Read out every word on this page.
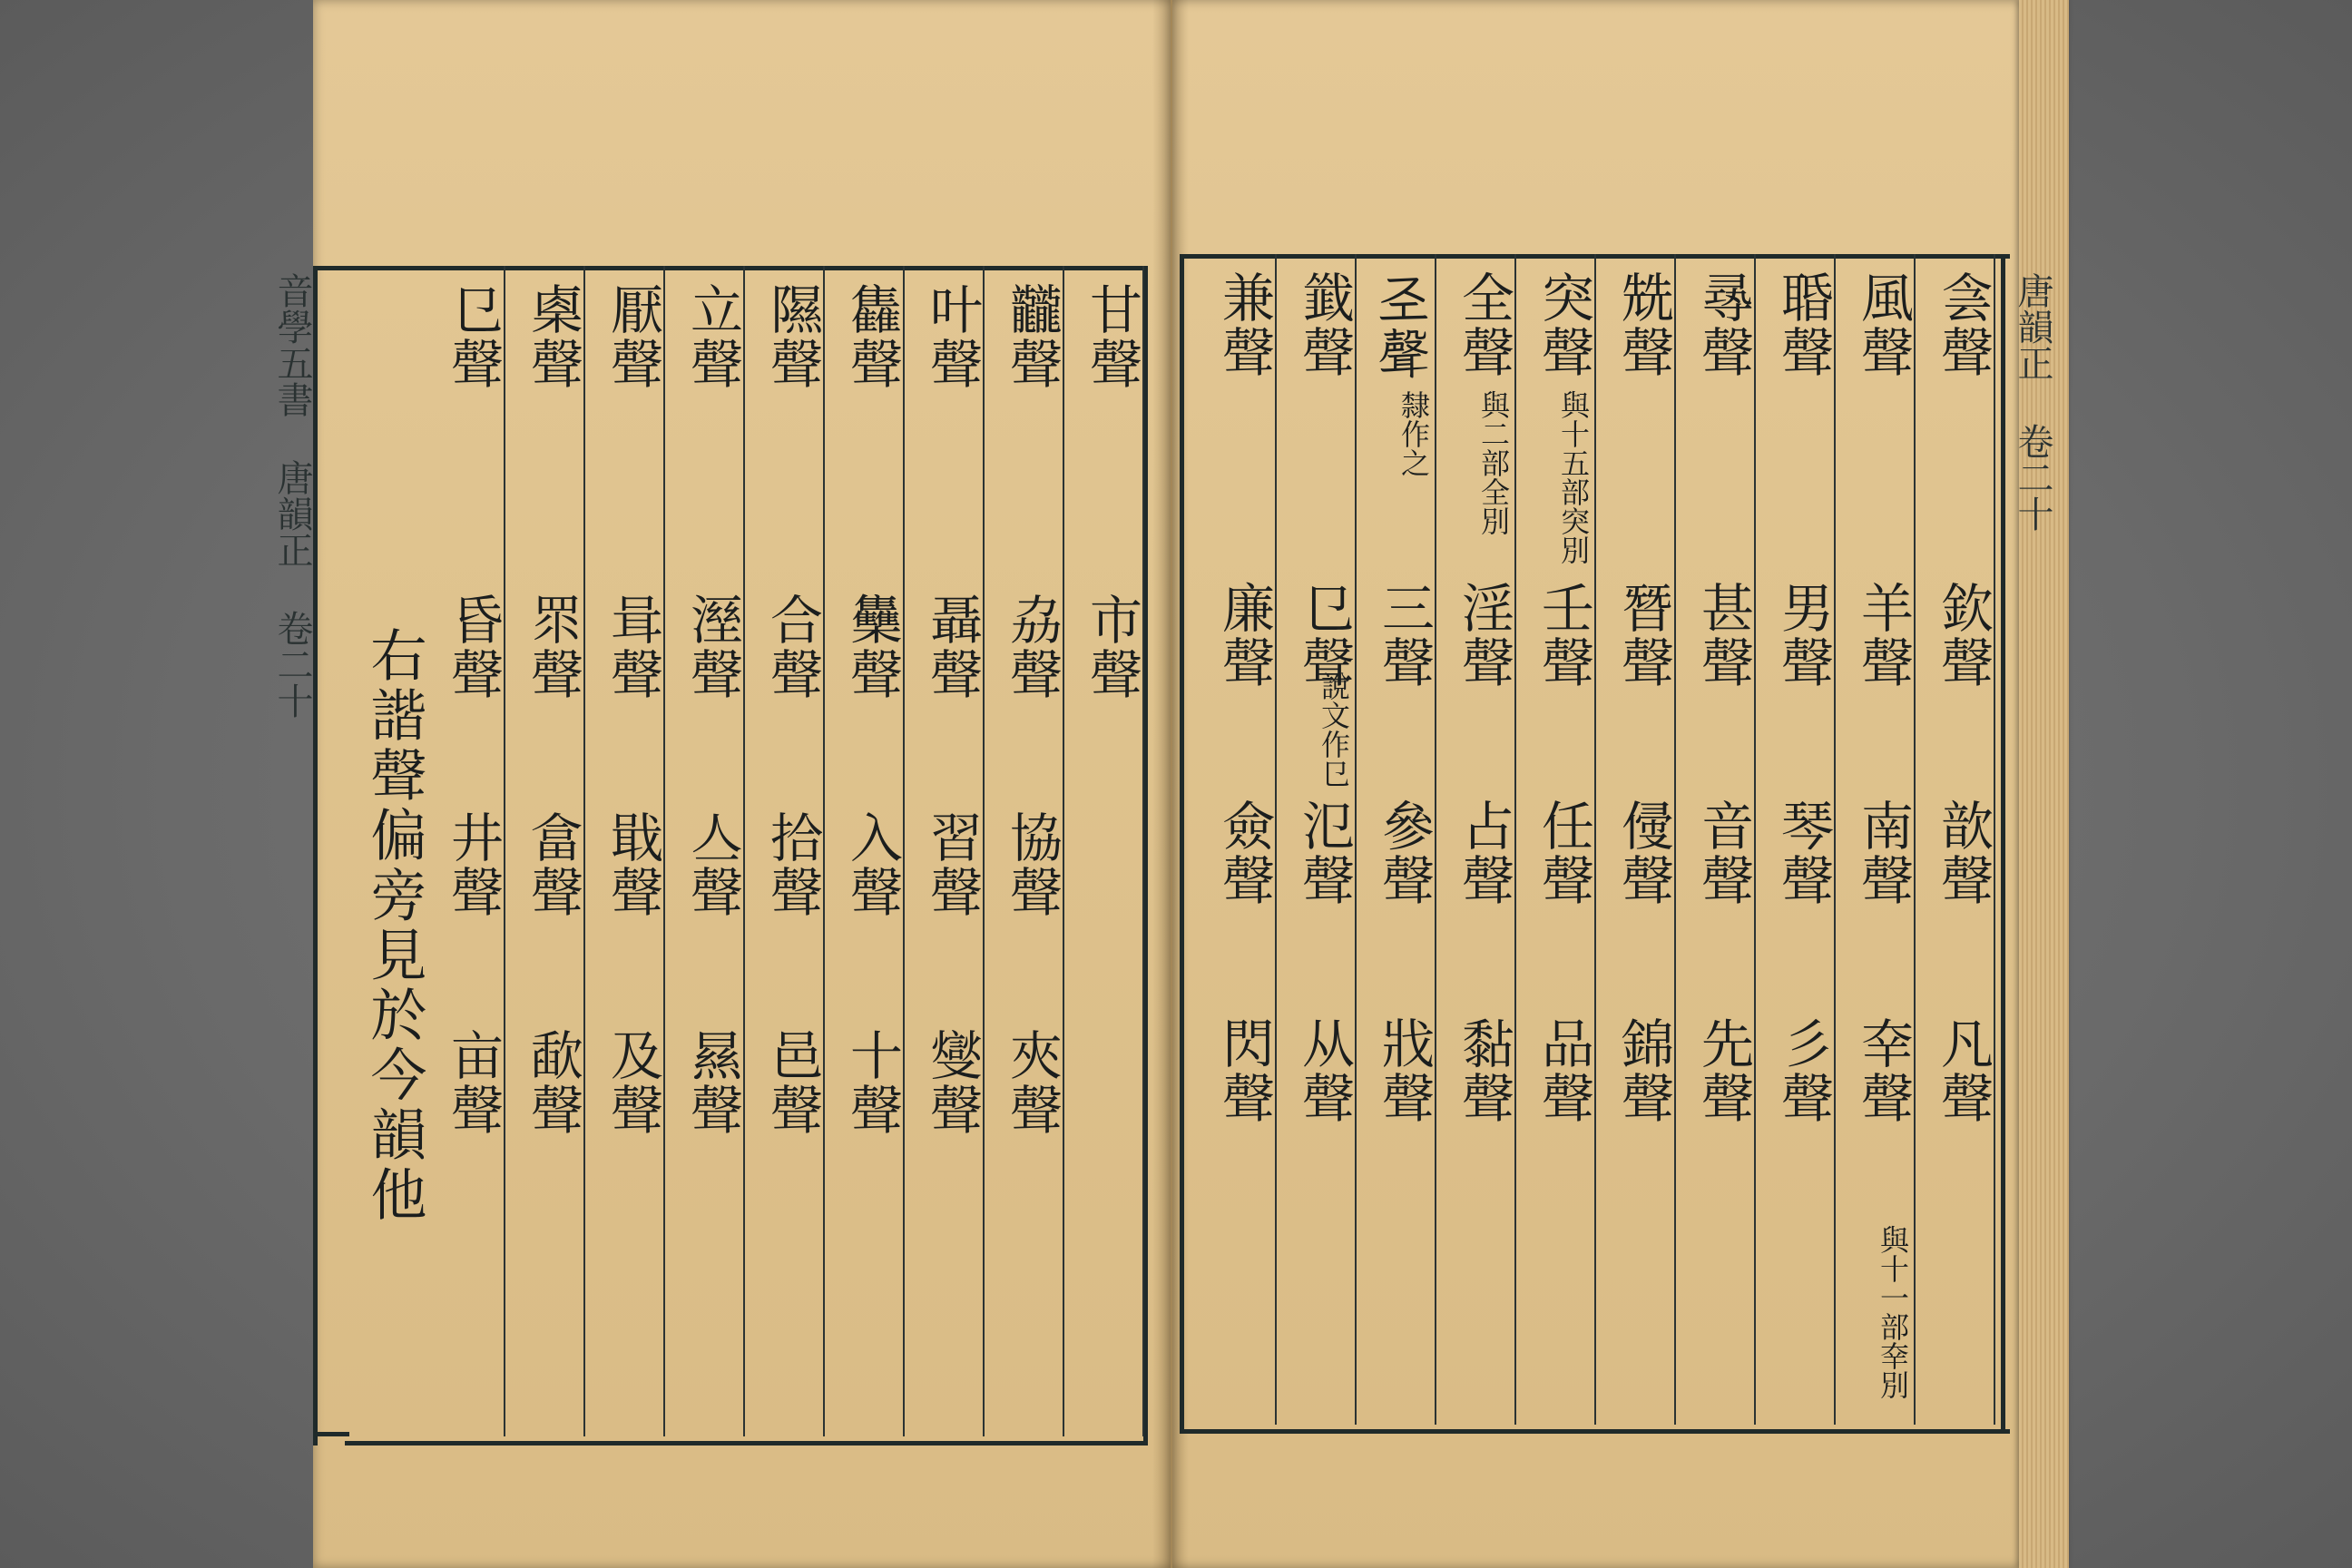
音學五書 唐韻正 卷二十	唐韻正 卷二十
右諧聲偏旁見於今韻他
侌聲
欽聲
歆聲
凡聲
風聲
羊聲
南聲
㚔聲
與十一部㚔別
䎽聲
男聲
琴聲
彡聲
㝷聲
甚聲
音聲
先聲
兟聲
朁聲
㑴聲
錦聲
突聲
壬聲
任聲
品聲
與十五部突別
全聲
淫聲
占聲
黏聲
與二部全別
𢀖聲
三聲
參聲
戕聲
隸作之
韱聲
㔾聲
氾聲
从聲
說文作㔾
兼聲
廉聲
僉聲
閃聲
甘聲
市聲
龖聲
劦聲
協聲
夾聲
叶聲
聶聲
習聲
燮聲
雥聲
雧聲
入聲
十聲
隰聲
合聲
拾聲
邑聲
立聲
溼聲
亼聲
㬎聲
厭聲
咠聲
戢聲
及聲
㮚聲
眔聲
畣聲
歃聲
㔾聲
昏聲
井聲
亩聲
